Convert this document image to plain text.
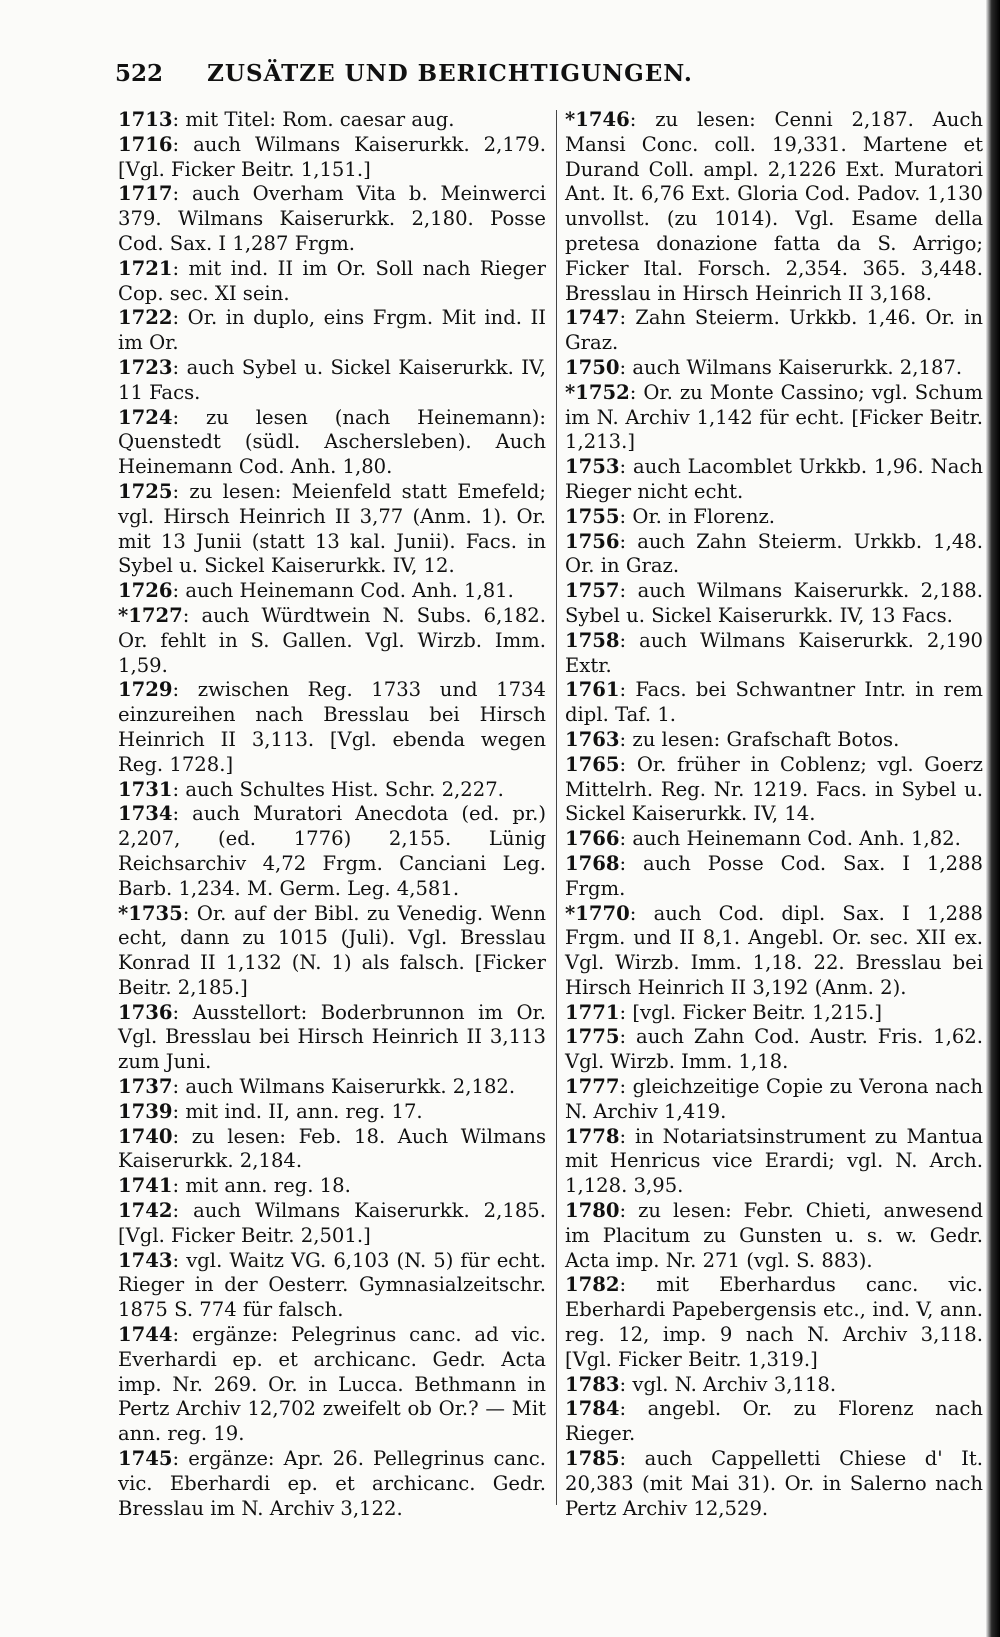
522	ZUSÄTZE UND BERICHTIGUNGEN.

1713: mit Titel: Rom. caesar aug.

1716: auch Wilmans Kaiserurkk. 2,179. [Vgl. Ficker Beitr. 1,151.]

1717: auch Overham Vita b. Meinwerci 379. Wilmans Kaiserurkk. 2,180. Posse Cod. Sax. I 1,287 Frgm.

1721: mit ind. II im Or. Soll nach Rieger Cop. sec. XI sein.

1722: Or. in duplo, eins Frgm. Mit ind. II im Or.

1723: auch Sybel u. Sickel Kaiserurkk. IV, 11 Facs.

1724: zu lesen (nach Heinemann): Quenstedt (südl. Aschersleben). Auch Heinemann Cod. Anh. 1,80.

1725: zu lesen: Meienfeld statt Emefeld; vgl. Hirsch Heinrich II 3,77 (Anm. 1). Or. mit 13 Junii (statt 13 kal. Junii). Facs. in Sybel u. Sickel Kaiserurkk. IV, 12.

1726: auch Heinemann Cod. Anh. 1,81.

*1727: auch Würdtwein N. Subs. 6,182. Or. fehlt in S. Gallen. Vgl. Wirzb. Imm. 1,59.

1729: zwischen Reg. 1733 und 1734 einzureihen nach Bresslau bei Hirsch Heinrich II 3,113. [Vgl. ebenda wegen Reg. 1728.]

1731: auch Schultes Hist. Schr. 2,227.

1734: auch Muratori Anecdota (ed. pr.) 2,207, (ed. 1776) 2,155. Lünig Reichsarchiv 4,72 Frgm. Canciani Leg. Barb. 1,234. M. Germ. Leg. 4,581.

*1735: Or. auf der Bibl. zu Venedig. Wenn echt, dann zu 1015 (Juli). Vgl. Bresslau Konrad II 1,132 (N. 1) als falsch. [Ficker Beitr. 2,185.]

1736: Ausstellort: Boderbrunnon im Or. Vgl. Bresslau bei Hirsch Heinrich II 3,113 zum Juni.

1737: auch Wilmans Kaiserurkk. 2,182.

1739: mit ind. II, ann. reg. 17.

1740: zu lesen: Feb. 18. Auch Wilmans Kaiserurkk. 2,184.

1741: mit ann. reg. 18.

1742: auch Wilmans Kaiserurkk. 2,185. [Vgl. Ficker Beitr. 2,501.]

1743: vgl. Waitz VG. 6,103 (N. 5) für echt. Rieger in der Oesterr. Gymnasialzeitschr. 1875 S. 774 für falsch.

1744: ergänze: Pelegrinus canc. ad vic. Everhardi ep. et archicanc. Gedr. Acta imp. Nr. 269. Or. in Lucca. Bethmann in Pertz Archiv 12,702 zweifelt ob Or.? — Mit ann. reg. 19.

1745: ergänze: Apr. 26. Pellegrinus canc. vic. Eberhardi ep. et archicanc. Gedr. Bresslau im N. Archiv 3,122.

*1746: zu lesen: Cenni 2,187. Auch Mansi Conc. coll. 19,331. Martene et Durand Coll. ampl. 2,1226 Ext. Muratori Ant. It. 6,76 Ext. Gloria Cod. Padov. 1,130 unvollst. (zu 1014). Vgl. Esame della pretesa donazione fatta da S. Arrigo; Ficker Ital. Forsch. 2,354. 365. 3,448. Bresslau in Hirsch Heinrich II 3,168.

1747: Zahn Steierm. Urkkb. 1,46. Or. in Graz.

1750: auch Wilmans Kaiserurkk. 2,187.

*1752: Or. zu Monte Cassino; vgl. Schum im N. Archiv 1,142 für echt. [Ficker Beitr. 1,213.]

1753: auch Lacomblet Urkkb. 1,96. Nach Rieger nicht echt.

1755: Or. in Florenz.

1756: auch Zahn Steierm. Urkkb. 1,48. Or. in Graz.

1757: auch Wilmans Kaiserurkk. 2,188. Sybel u. Sickel Kaiserurkk. IV, 13 Facs.

1758: auch Wilmans Kaiserurkk. 2,190 Extr.

1761: Facs. bei Schwantner Intr. in rem dipl. Taf. 1.

1763: zu lesen: Grafschaft Botos.

1765: Or. früher in Coblenz; vgl. Goerz Mittelrh. Reg. Nr. 1219. Facs. in Sybel u. Sickel Kaiserurkk. IV, 14.

1766: auch Heinemann Cod. Anh. 1,82.

1768: auch Posse Cod. Sax. I 1,288 Frgm.

*1770: auch Cod. dipl. Sax. I 1,288 Frgm. und II 8,1. Angebl. Or. sec. XII ex. Vgl. Wirzb. Imm. 1,18. 22. Bresslau bei Hirsch Heinrich II 3,192 (Anm. 2).

1771: [vgl. Ficker Beitr. 1,215.]

1775: auch Zahn Cod. Austr. Fris. 1,62. Vgl. Wirzb. Imm. 1,18.

1777: gleichzeitige Copie zu Verona nach N. Archiv 1,419.

1778: in Notariatsinstrument zu Mantua mit Henricus vice Erardi; vgl. N. Arch. 1,128. 3,95.

1780: zu lesen: Febr. Chieti, anwesend im Placitum zu Gunsten u. s. w. Gedr. Acta imp. Nr. 271 (vgl. S. 883).

1782: mit Eberhardus canc. vic. Eberhardi Papebergensis etc., ind. V, ann. reg. 12, imp. 9 nach N. Archiv 3,118. [Vgl. Ficker Beitr. 1,319.]

1783: vgl. N. Archiv 3,118.

1784: angebl. Or. zu Florenz nach Rieger.

1785: auch Cappelletti Chiese d' It. 20,383 (mit Mai 31). Or. in Salerno nach Pertz Archiv 12,529.
